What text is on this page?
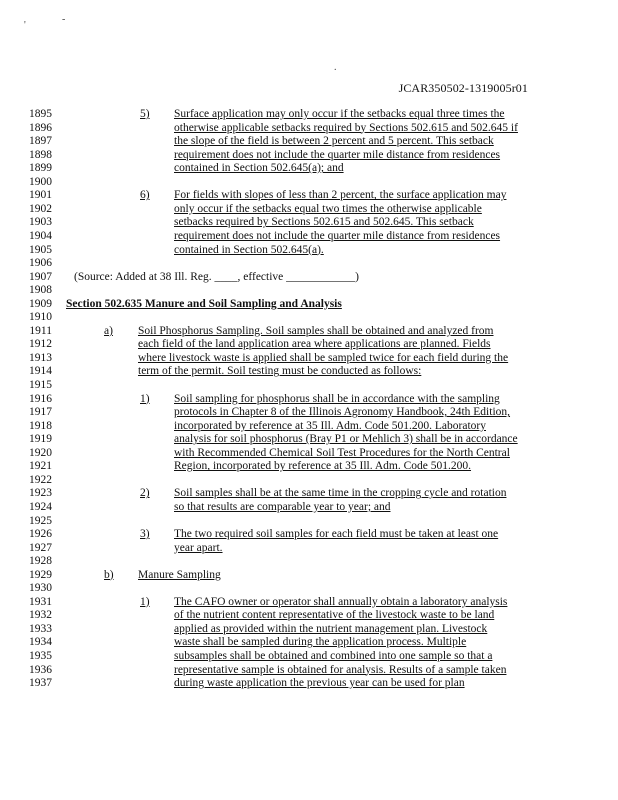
'
-
.
JCAR350502-1319005r01
1895	5) Surface application may only occur if the setbacks equal three times the
1896	otherwise applicable setbacks required by Sections 502.615 and 502.645 if
1897	the slope of the field is between 2 percent and 5 percent. This setback
1898	requirement does not include the quarter mile distance from residences
1899	contained in Section 502.645(a); and
1900
1901	6) For fields with slopes of less than 2 percent, the surface application may
1902	only occur if the setbacks equal two times the otherwise applicable
1903	setbacks required by Sections 502.615 and 502.645. This setback
1904	requirement does not include the quarter mile distance from residences
1905	contained in Section 502.645(a).
1906
1907 (Source: Added at 38 Ill. Reg. ____, effective ____________)
1908
1909 Section 502.635 Manure and Soil Sampling and Analysis
1910
1911	a) Soil Phosphorus Sampling. Soil samples shall be obtained and analyzed from
1912	each field of the land application area where applications are planned. Fields
1913	where livestock waste is applied shall be sampled twice for each field during the
1914	term of the permit. Soil testing must be conducted as follows:
1915
1916	1) Soil sampling for phosphorus shall be in accordance with the sampling
1917	protocols in Chapter 8 of the Illinois Agronomy Handbook, 24th Edition,
1918	incorporated by reference at 35 Ill. Adm. Code 501.200. Laboratory
1919	analysis for soil phosphorus (Bray P1 or Mehlich 3) shall be in accordance
1920	with Recommended Chemical Soil Test Procedures for the North Central
1921	Region, incorporated by reference at 35 Ill. Adm. Code 501.200.
1922
1923	2) Soil samples shall be at the same time in the cropping cycle and rotation
1924	so that results are comparable year to year; and
1925
1926	3) The two required soil samples for each field must be taken at least one
1927	year apart.
1928
1929	b) Manure Sampling
1930
1931	1) The CAFO owner or operator shall annually obtain a laboratory analysis
1932	of the nutrient content representative of the livestock waste to be land
1933	applied as provided within the nutrient management plan. Livestock
1934	waste shall be sampled during the application process. Multiple
1935	subsamples shall be obtained and combined into one sample so that a
1936	representative sample is obtained for analysis. Results of a sample taken
1937	during waste application the previous year can be used for plan
